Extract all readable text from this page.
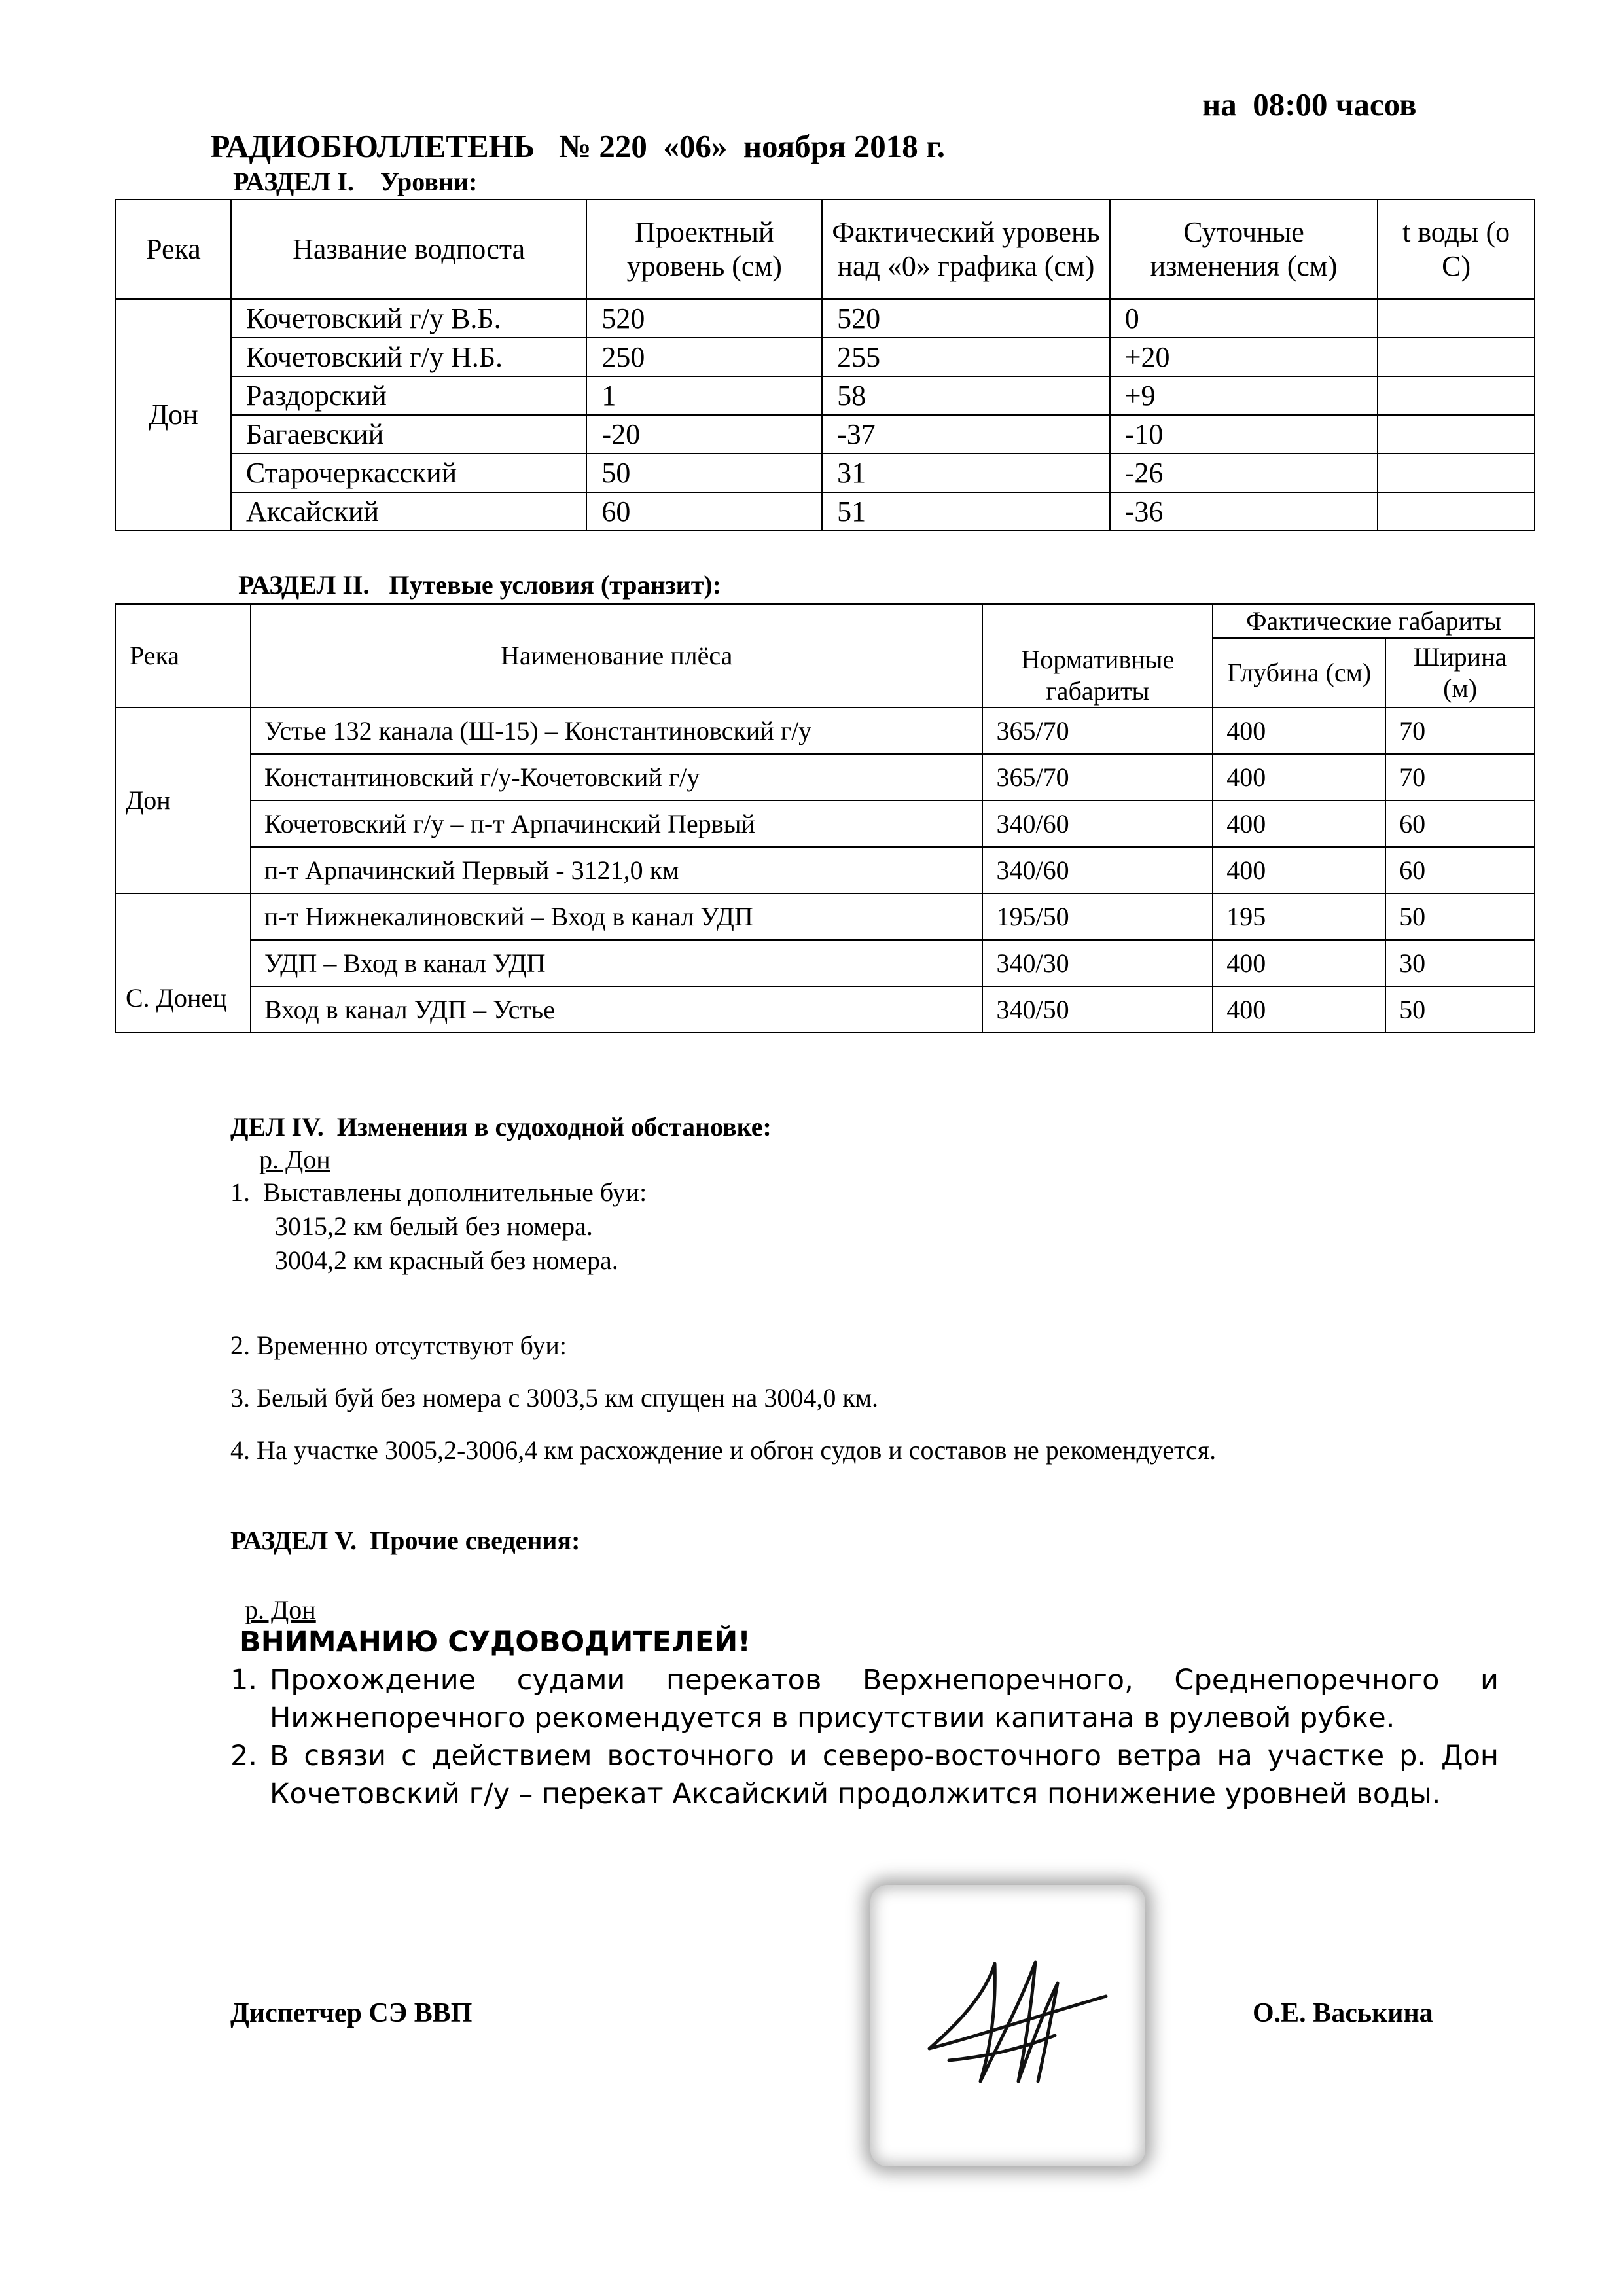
РАДИОБЮЛЛЕТЕНЬ   № 220  «06»  ноября 2018 г.

на  08:00 часов

РАЗДЕЛ I.    Уровни:
Река	Название водпоста	Проектный уровень (см)	Фактический уровень над «0» графика (см)	Суточные изменения (см)	t воды (о С)
Дон	Кочетовский г/у В.Б.	520	520	0	
	Кочетовский г/у Н.Б.	250	255	+20	
	Раздорский	1	58	+9	
	Багаевский	-20	-37	-10	
	Старочеркасский	50	31	-26	
	Аксайский	60	51	-36	
РАЗДЕЛ II.   Путевые условия (транзит):
Река	Наименование плёса	Нормативные габариты	Фактические габариты	
			Глубина (см)	Ширина (м)
Дон	Устье 132 канала (Ш-15) – Константиновский г/у	365/70	400	70
	Константиновский г/у-Кочетовский г/у	365/70	400	70
	Кочетовский г/у – п-т Арпачинский Первый	340/60	400	60
	п-т Арпачинский Первый - 3121,0 км	340/60	400	60
С. Донец	п-т Нижнекалиновский – Вход в канал УДП	195/50	195	50
	УДП – Вход в канал УДП	340/30	400	30
	Вход в канал УДП – Устье	340/50	400	50
ДЕЛ IV.  Изменения в судоходной обстановке:
р. Дон
1.  Выставлены дополнительные буи:
3015,2 км белый без номера.
3004,2 км красный без номера.
2. Временно отсутствуют буи:
3. Белый буй без номера с 3003,5 км спущен на 3004,0 км.
4. На участке 3005,2-3006,4 км расхождение и обгон судов и составов не рекомендуется.
РАЗДЕЛ V.  Прочие сведения:
р. Дон
ВНИМАНИЮ СУДОВОДИТЕЛЕЙ!
1. Прохождение судами перекатов Верхнепоречного, Среднепоречного и Нижнепоречного рекомендуется в присутствии капитана в рулевой рубке.
2. В связи с действием восточного и северо-восточного ветра на участке р. Дон Кочетовский г/у – перекат Аксайский продолжится понижение уровней воды.
Диспетчер СЭ ВВП	О.Е. Васькина
